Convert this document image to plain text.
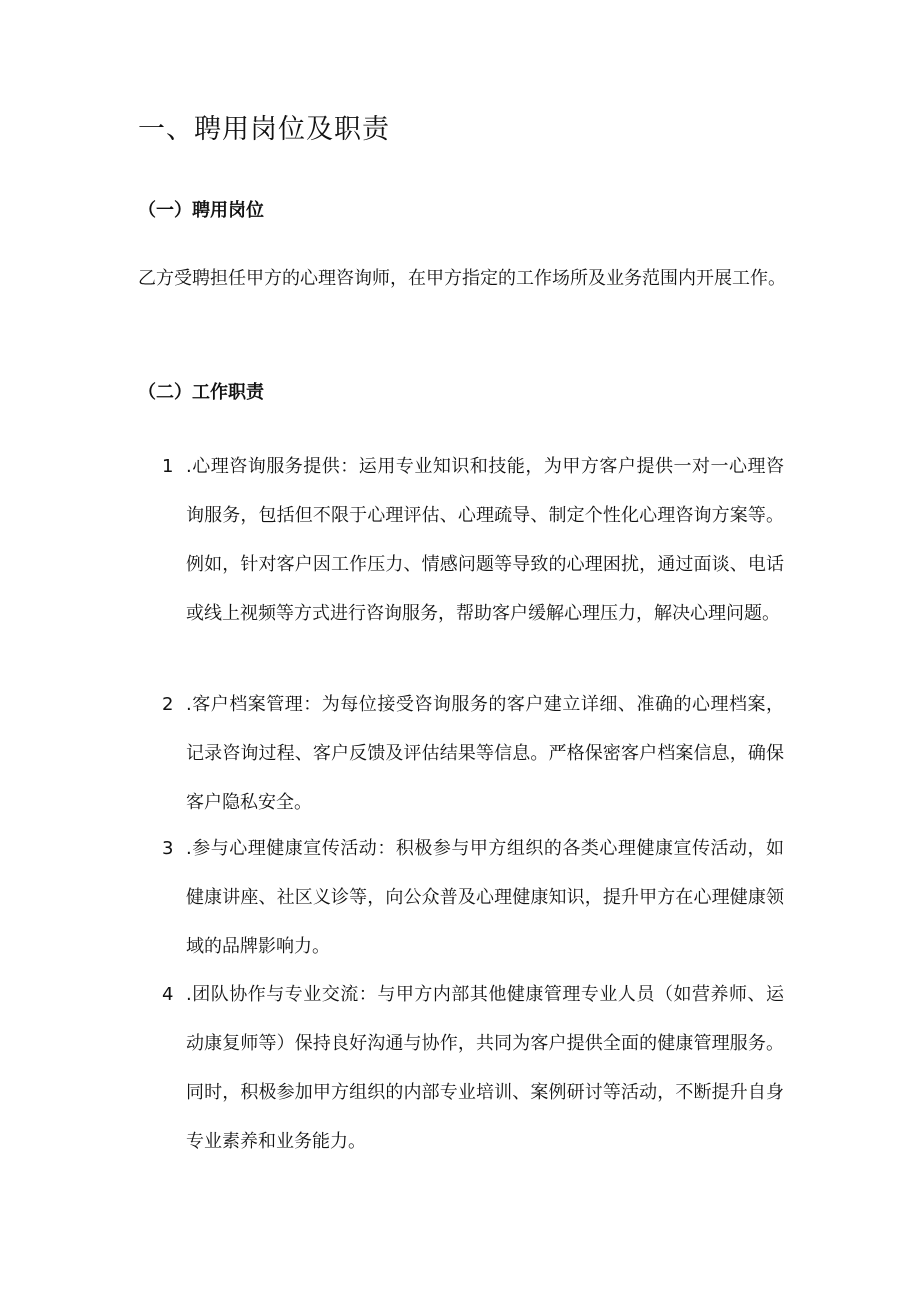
一、聘用岗位及职责
（一）聘用岗位

乙方受聘担任甲方的心理咨询师，在甲方指定的工作场所及业务范围内开展工作。

（二）工作职责
1 .心理咨询服务提供：运用专业知识和技能，为甲方客户提供一对一心理咨询服务，包括但不限于心理评估、心理疏导、制定个性化心理咨询方案等。例如，针对客户因工作压力、情感问题等导致的心理困扰，通过面谈、电话或线上视频等方式进行咨询服务，帮助客户缓解心理压力，解决心理问题。

2 .客户档案管理：为每位接受咨询服务的客户建立详细、准确的心理档案，记录咨询过程、客户反馈及评估结果等信息。严格保密客户档案信息，确保客户隐私安全。

3 .参与心理健康宣传活动：积极参与甲方组织的各类心理健康宣传活动，如健康讲座、社区义诊等，向公众普及心理健康知识，提升甲方在心理健康领域的品牌影响力。

4 .团队协作与专业交流：与甲方内部其他健康管理专业人员（如营养师、运动康复师等）保持良好沟通与协作，共同为客户提供全面的健康管理服务。同时，积极参加甲方组织的内部专业培训、案例研讨等活动，不断提升自身专业素养和业务能力。
